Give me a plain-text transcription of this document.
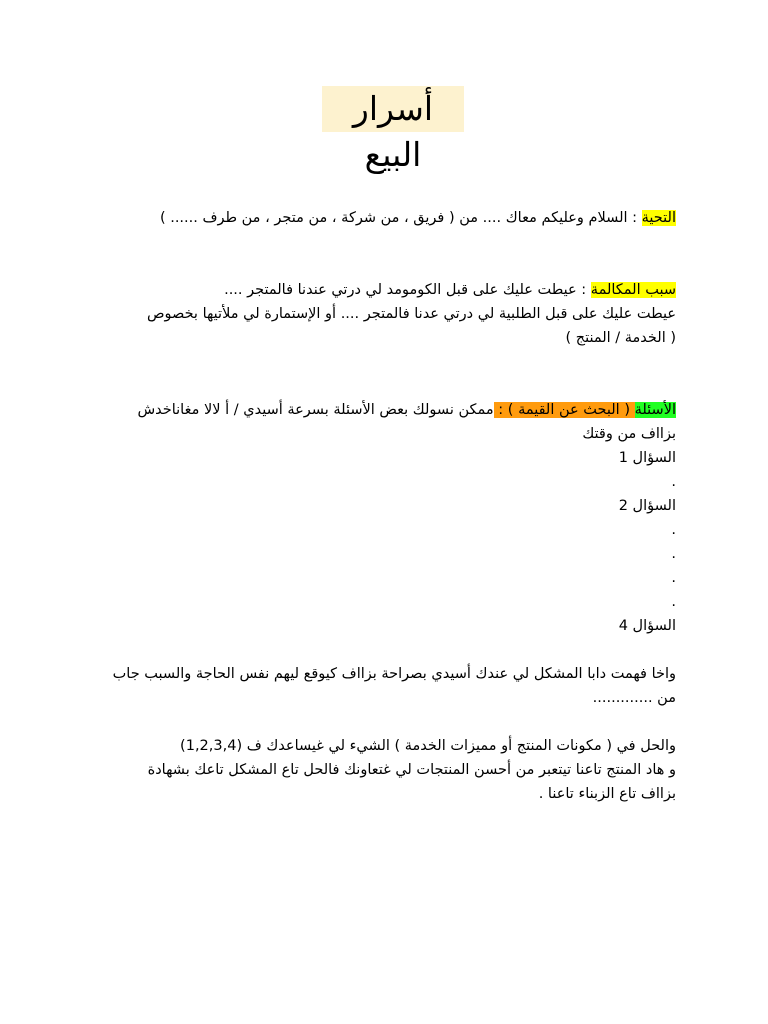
أسرار البيع
التحية : السلام وعليكم معاك .... من ( فريق ، من شركة ، من متجر ، من طرف ...... )
سبب المكالمة : عيطت عليك على قبل الكومومد لي درتي عندنا فالمتجر ....
عيطت عليك على قبل الطلبية لي درتي عدنا فالمتجر .... أو الإستمارة لي ملأتيها بخصوص
( الخدمة / المنتج )
الأسئلة ( البحث عن القيمة ) : ممكن نسولك بعض الأسئلة بسرعة أسيدي / أ لالا مغاناخدش
بزااف من وقتك
السؤال 1
.
السؤال 2
.
.
.
.
السؤال 4
واخا فهمت دابا المشكل لي عندك أسيدي بصراحة بزااف كيوقع ليهم نفس الحاجة والسبب جاب
من .............
والحل في ( مكونات المنتج أو مميزات الخدمة ) الشيء لي غيساعدك ف (1,2,3,4)
و هاد المنتج تاعنا تيتعبر من أحسن المنتجات لي غتعاونك فالحل تاع المشكل تاعك بشهادة
بزااف تاع الزبناء تاعنا .
